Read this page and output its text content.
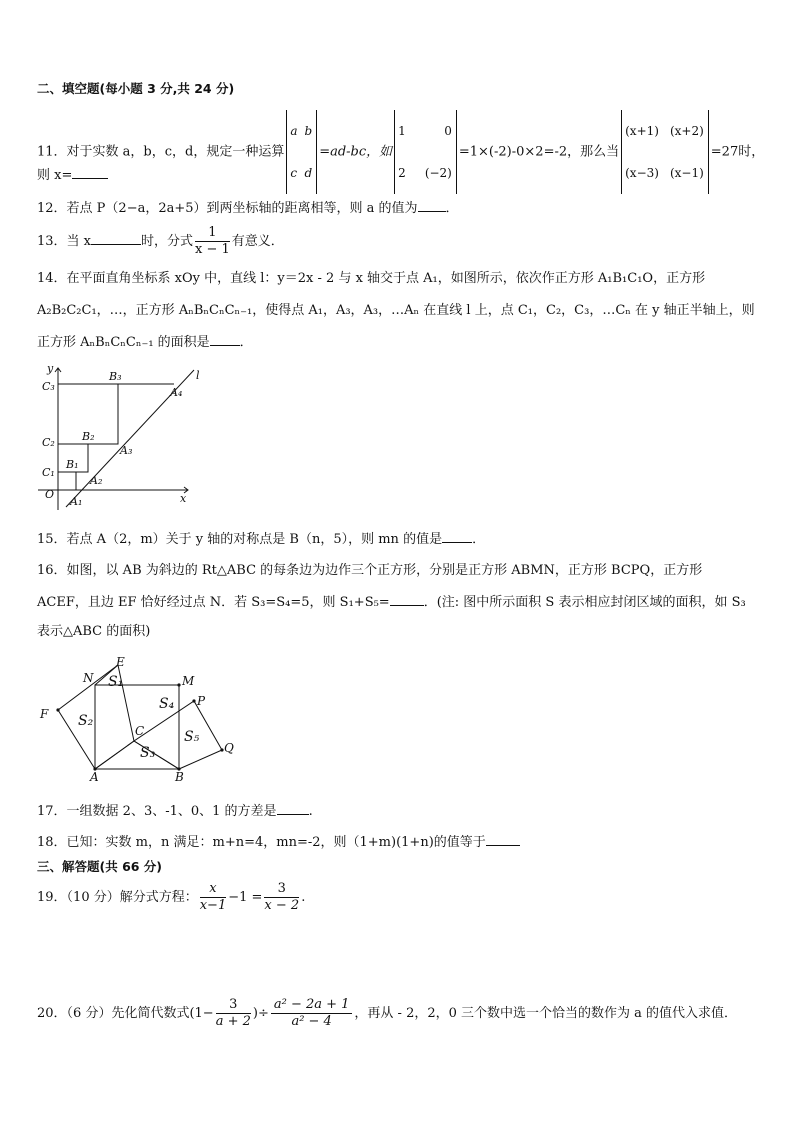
二、填空题(每小题 3 分,共 24 分)
11．对于实数 a，b，c，d，规定一种运算
a	b
c	d
=ad-bc，如
1	0
2	(−2)
=1×(-2)-0×2=-2，那么当
(x+1)	(x+2)
(x−3)	(x−1)
=27时，
则 x=
12．若点 P（2−a，2a+5）到两坐标轴的距离相等，则 a 的值为 ．
13．当 x	时，分式 $\frac{1}{x - 1}$ 有意义．
14．在平面直角坐标系 xOy 中，直线 l：y＝2x - 2 与 x 轴交于点 A₁，如图所示，依次作正方形 A₁B₁C₁O，正方形
A₂B₂C₂C₁，…，正方形 AₙBₙCₙCₙ₋₁，使得点 A₁，A₃，A₃，…Aₙ 在直线 l 上，点 C₁，C₂，C₃，…Cₙ 在 y 轴正半轴上，则
正方形 AₙBₙCₙCₙ₋₁ 的面积是 ．
y
x
l
O
C₁
C₂
C₃
B₁
B₂
B₃
A₁
A₂
A₃
A₄
15．若点 A（2，m）关于 y 轴的对称点是 B（n，5），则 mn 的值是 ．
16．如图，以 AB 为斜边的 Rt△ABC 的每条边为边作三个正方形，分别是正方形 ABMN，正方形 BCPQ，正方形
ACEF，且边 EF 恰好经过点 N．若 S₃=S₄=5，则 S₁+S₅=	．(注: 图中所示面积 S 表示相应封闭区域的面积，如 S₃
表示△ABC 的面积)
E
N	M
P
F
C
Q
A	B
S₁
S₂
S₃
S₄
S₅
17．一组数据 2、3、-1、0、1 的方差是 .
18．已知：实数 m，n 满足：m+n=4，mn=-2，则（1+m)(1+n)的值等于
三、解答题(共 66 分)
19．（10 分）解分式方程： $\frac{x}{x-1} -1 = \frac{3}{x - 2}$ .
20．（6 分）先化简代数式($1- \frac{3}{a + 2}$ )÷ $\frac{\text{a² − 2a + 1}}{\text{a² − 4}}$ ，再从 - 2，2，0 三个数中选一个恰当的数作为 a 的值代入求值．
